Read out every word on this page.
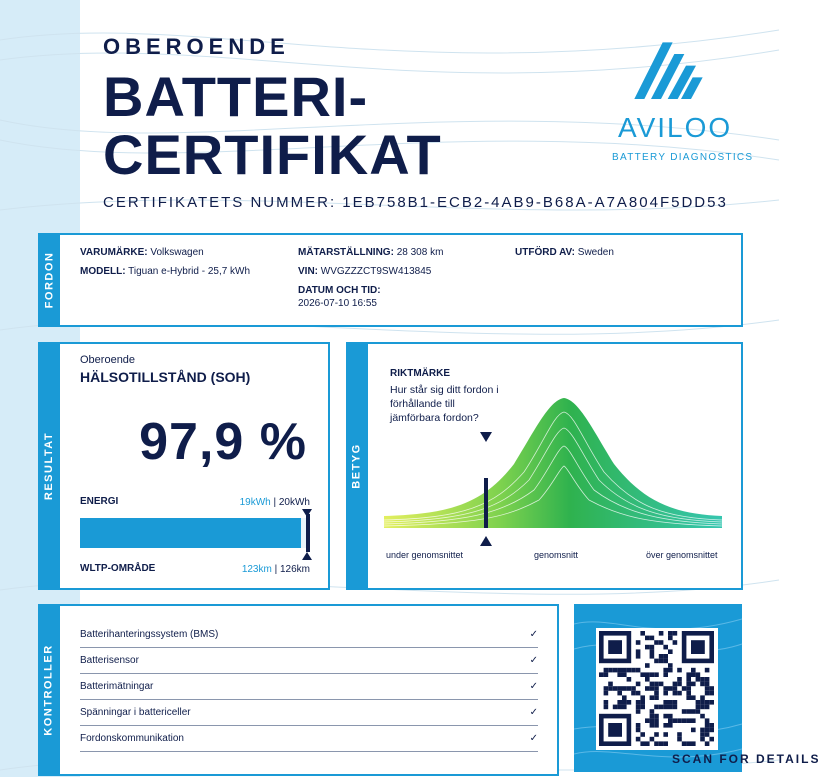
OBEROENDE
BATTERI-
CERTIFIKAT
CERTIFIKATETS NUMMER: 1EB758B1-ECB2-4AB9-B68A-A7A804F5DD53
AVILOO
BATTERY DIAGNOSTICS
FORDON VARUMÄRKE: Volkswagen
MODELL: Tiguan e-Hybrid - 25,7 kWh
MÄTARSTÄLLNING: 28 308 km
VIN: WVGZZZCT9SW413845
DATUM OCH TID:
2026-07-10 16:55
UTFÖRD AV: Sweden
RESULTAT
Oberoende
HÄLSOTILLSTÅND (SOH)
97,9 %
ENERGI	19kWh | 20kWh
WLTP-OMRÅDE	123km | 126km
BETYG
RIKTMÄRKE
Hur står sig ditt fordon i
förhållande till
jämförbara fordon?
under genomsnittet	genomsnitt	över genomsnittet
KONTROLLER
Batterihanteringssystem (BMS)	✓
Batterisensor	✓
Batterimätningar	✓
Spänningar i battericeller	✓
Fordonskommunikation	✓
SCAN FOR DETAILS
